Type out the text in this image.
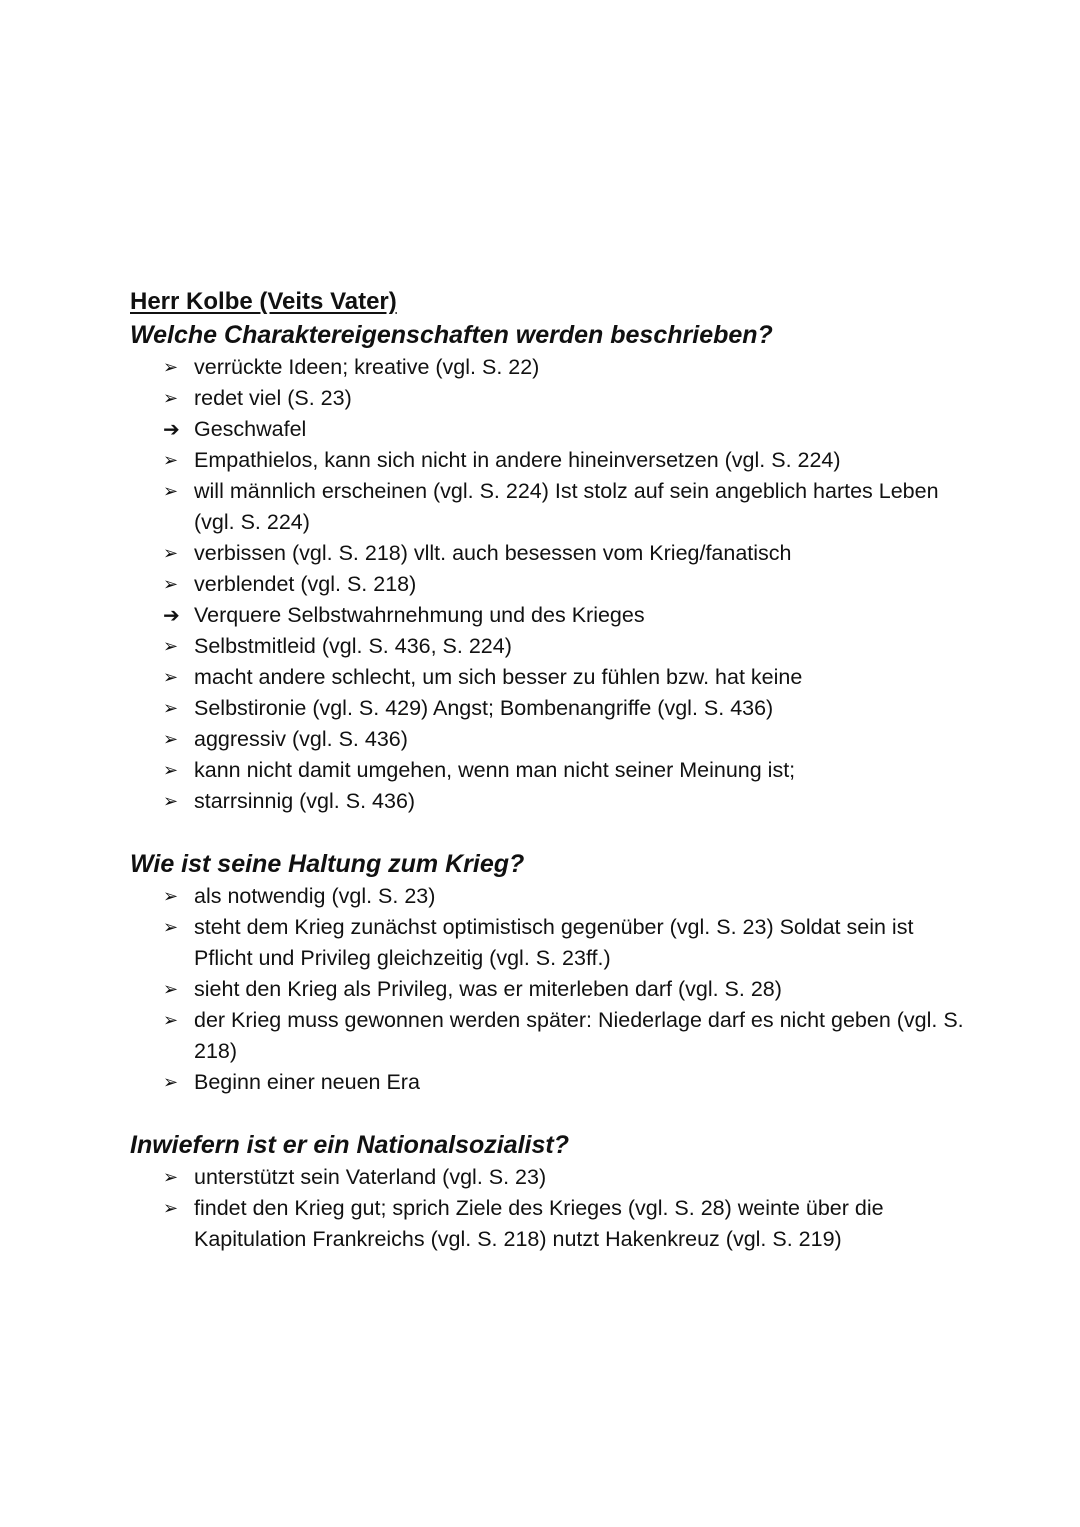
Herr Kolbe (Veits Vater)
Welche Charaktereigenschaften werden beschrieben?
➢ verrückte Ideen; kreative (vgl. S. 22)
➢ redet viel (S. 23)
➔ Geschwafel
➢ Empathielos, kann sich nicht in andere hineinversetzen (vgl. S. 224)
➢ will männlich erscheinen (vgl. S. 224) Ist stolz auf sein angeblich hartes Leben (vgl. S. 224)
➢ verbissen (vgl. S. 218) vllt. auch besessen vom Krieg/fanatisch
➢ verblendet (vgl. S. 218)
➔ Verquere Selbstwahrnehmung und des Krieges
➢ Selbstmitleid (vgl. S. 436, S. 224)
➢ macht andere schlecht, um sich besser zu fühlen bzw. hat keine
➢ Selbstironie (vgl. S. 429) Angst; Bombenangriffe (vgl. S. 436)
➢ aggressiv (vgl. S. 436)
➢ kann nicht damit umgehen, wenn man nicht seiner Meinung ist;
➢ starrsinnig (vgl. S. 436)
Wie ist seine Haltung zum Krieg?
➢ als notwendig (vgl. S. 23)
➢ steht dem Krieg zunächst optimistisch gegenüber (vgl. S. 23) Soldat sein ist Pflicht und Privileg gleichzeitig (vgl. S. 23ff.)
➢ sieht den Krieg als Privileg, was er miterleben darf (vgl. S. 28)
➢ der Krieg muss gewonnen werden später: Niederlage darf es nicht geben (vgl. S. 218)
➢ Beginn einer neuen Era
Inwiefern ist er ein Nationalsozialist?
➢ unterstützt sein Vaterland (vgl. S. 23)
➢ findet den Krieg gut; sprich Ziele des Krieges (vgl. S. 28) weinte über die Kapitulation Frankreichs (vgl. S. 218) nutzt Hakenkreuz (vgl. S. 219)
